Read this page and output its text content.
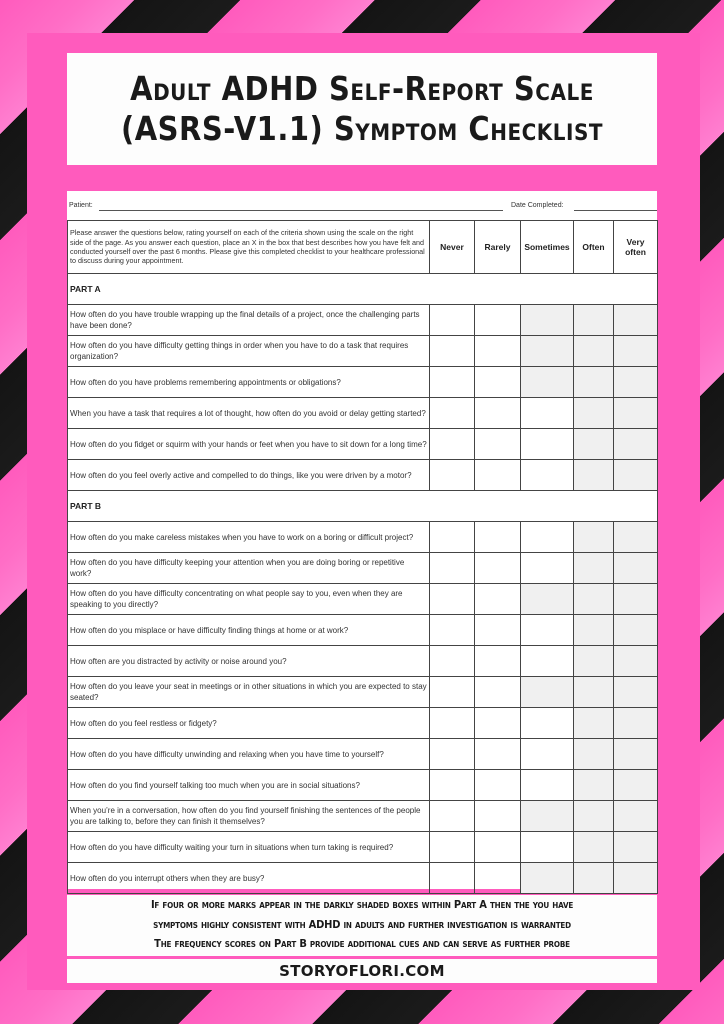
Adult ADHD Self-Report Scale
(ASRS-V1.1) Symptom Checklist
Patient:	Date Completed:
Please answer the questions below, rating yourself on each of the criteria shown using the scale on the right side of the page. As you answer each question, place an X in the box that best describes how you have felt and conducted yourself over the past 6 months. Please give this completed checklist to your healthcare professional to discuss during your appointment.	Never	Rarely	Sometimes	Often	Very often
PART A					
How often do you have trouble wrapping up the final details of a project, once the challenging parts have been done?					
How often do you have difficulty getting things in order when you have to do a task that requires organization?					
How often do you have problems remembering appointments or obligations?					
When you have a task that requires a lot of thought, how often do you avoid or delay getting started?					
How often do you fidget or squirm with your hands or feet when you have to sit down for a long time?					
How often do you feel overly active and compelled to do things, like you were driven by a motor?					
PART B					
How often do you make careless mistakes when you have to work on a boring or difficult project?					
How often do you have difficulty keeping your attention when you are doing boring or repetitive work?					
How often do you have difficulty concentrating on what people say to you, even when they are speaking to you directly?					
How often do you misplace or have difficulty finding things at home or at work?					
How often are you distracted by activity or noise around you?					
How often do you leave your seat in meetings or in other situations in which you are expected to stay seated?					
How often do you feel restless or fidgety?					
How often do you have difficulty unwinding and relaxing when you have time to yourself?					
How often do you find yourself talking too much when you are in social situations?					
When you’re in a conversation, how often do you find yourself finishing the sentences of the people you are talking to, before they can finish it themselves?					
How often do you have difficulty waiting your turn in situations when turn taking is required?					
How often do you interrupt others when they are busy?					
If four or more marks appear in the darkly shaded boxes within Part A then the you have
symptoms highly consistent with ADHD in adults and further investigation is warranted
The frequency scores on Part B provide additional cues and can serve as further probe
STORYOFLORI.COM
